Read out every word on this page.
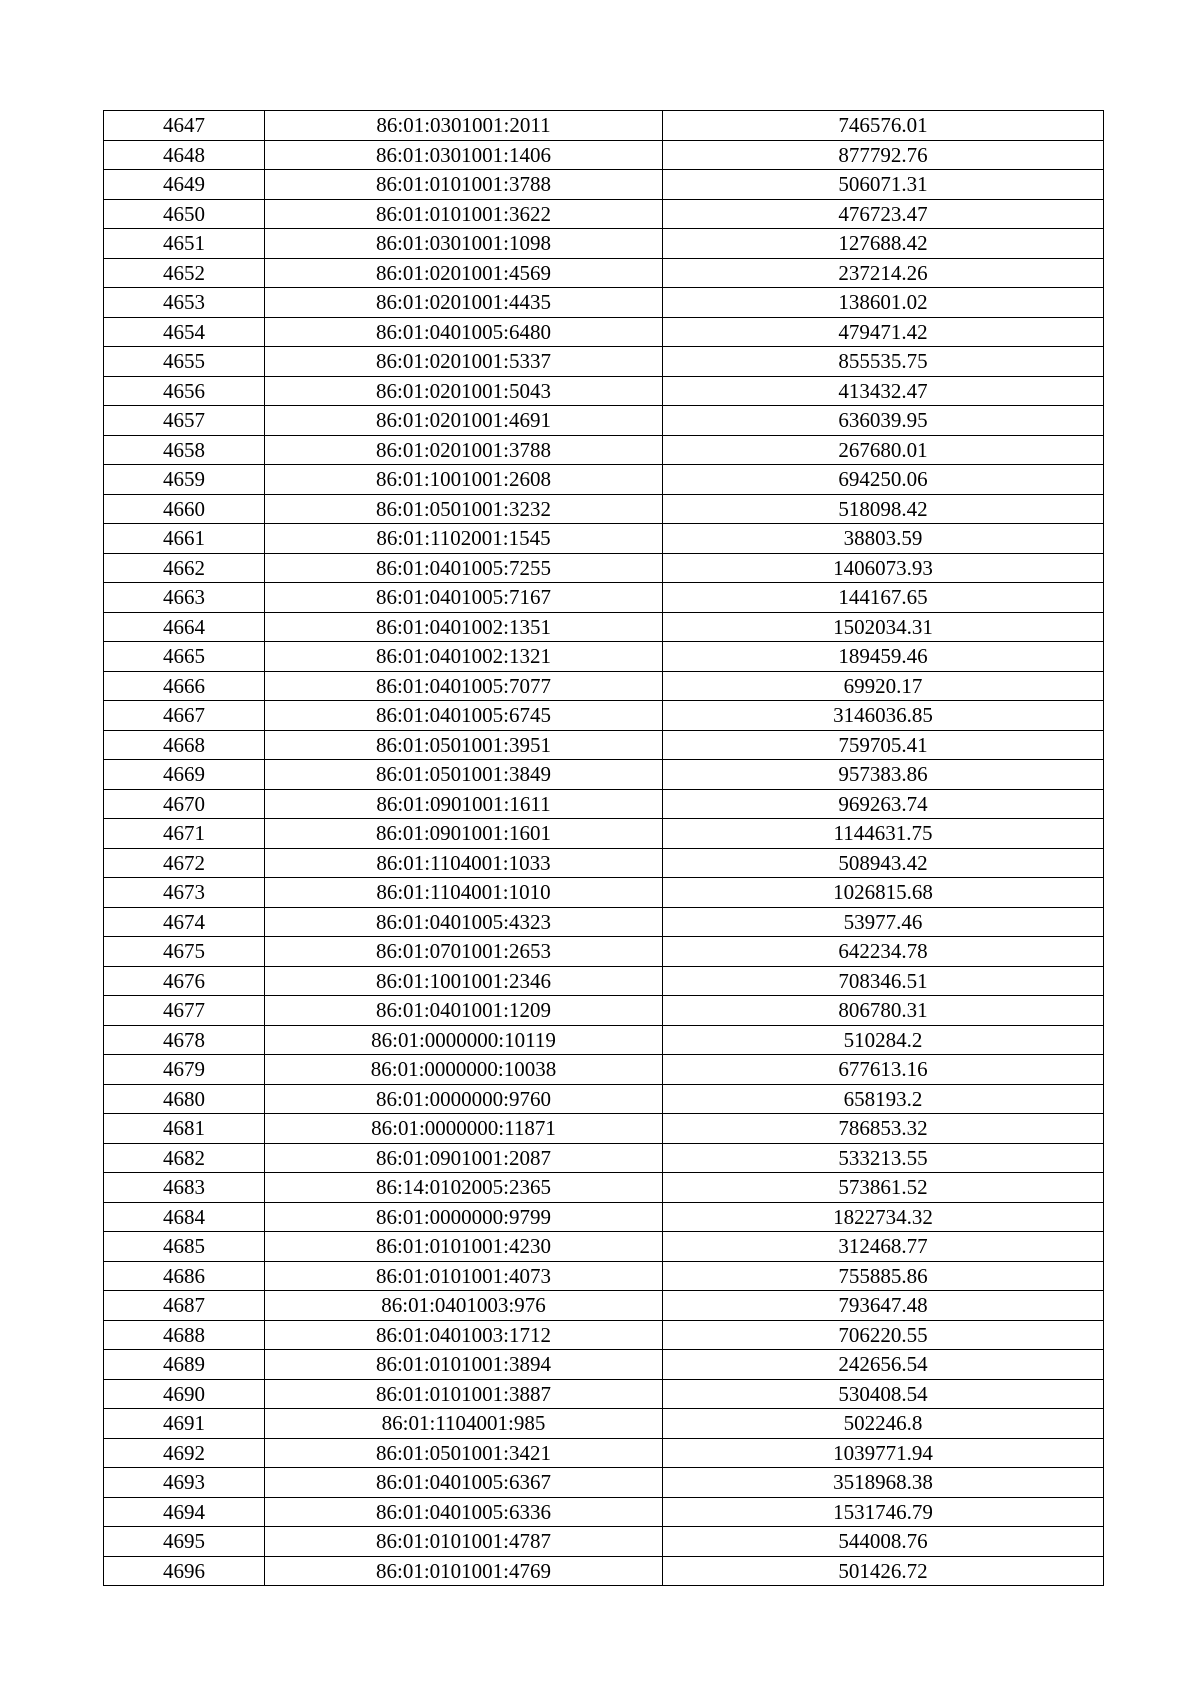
4647	86:01:0301001:2011	746576.01
4648	86:01:0301001:1406	877792.76
4649	86:01:0101001:3788	506071.31
4650	86:01:0101001:3622	476723.47
4651	86:01:0301001:1098	127688.42
4652	86:01:0201001:4569	237214.26
4653	86:01:0201001:4435	138601.02
4654	86:01:0401005:6480	479471.42
4655	86:01:0201001:5337	855535.75
4656	86:01:0201001:5043	413432.47
4657	86:01:0201001:4691	636039.95
4658	86:01:0201001:3788	267680.01
4659	86:01:1001001:2608	694250.06
4660	86:01:0501001:3232	518098.42
4661	86:01:1102001:1545	38803.59
4662	86:01:0401005:7255	1406073.93
4663	86:01:0401005:7167	144167.65
4664	86:01:0401002:1351	1502034.31
4665	86:01:0401002:1321	189459.46
4666	86:01:0401005:7077	69920.17
4667	86:01:0401005:6745	3146036.85
4668	86:01:0501001:3951	759705.41
4669	86:01:0501001:3849	957383.86
4670	86:01:0901001:1611	969263.74
4671	86:01:0901001:1601	1144631.75
4672	86:01:1104001:1033	508943.42
4673	86:01:1104001:1010	1026815.68
4674	86:01:0401005:4323	53977.46
4675	86:01:0701001:2653	642234.78
4676	86:01:1001001:2346	708346.51
4677	86:01:0401001:1209	806780.31
4678	86:01:0000000:10119	510284.2
4679	86:01:0000000:10038	677613.16
4680	86:01:0000000:9760	658193.2
4681	86:01:0000000:11871	786853.32
4682	86:01:0901001:2087	533213.55
4683	86:14:0102005:2365	573861.52
4684	86:01:0000000:9799	1822734.32
4685	86:01:0101001:4230	312468.77
4686	86:01:0101001:4073	755885.86
4687	86:01:0401003:976	793647.48
4688	86:01:0401003:1712	706220.55
4689	86:01:0101001:3894	242656.54
4690	86:01:0101001:3887	530408.54
4691	86:01:1104001:985	502246.8
4692	86:01:0501001:3421	1039771.94
4693	86:01:0401005:6367	3518968.38
4694	86:01:0401005:6336	1531746.79
4695	86:01:0101001:4787	544008.76
4696	86:01:0101001:4769	501426.72
